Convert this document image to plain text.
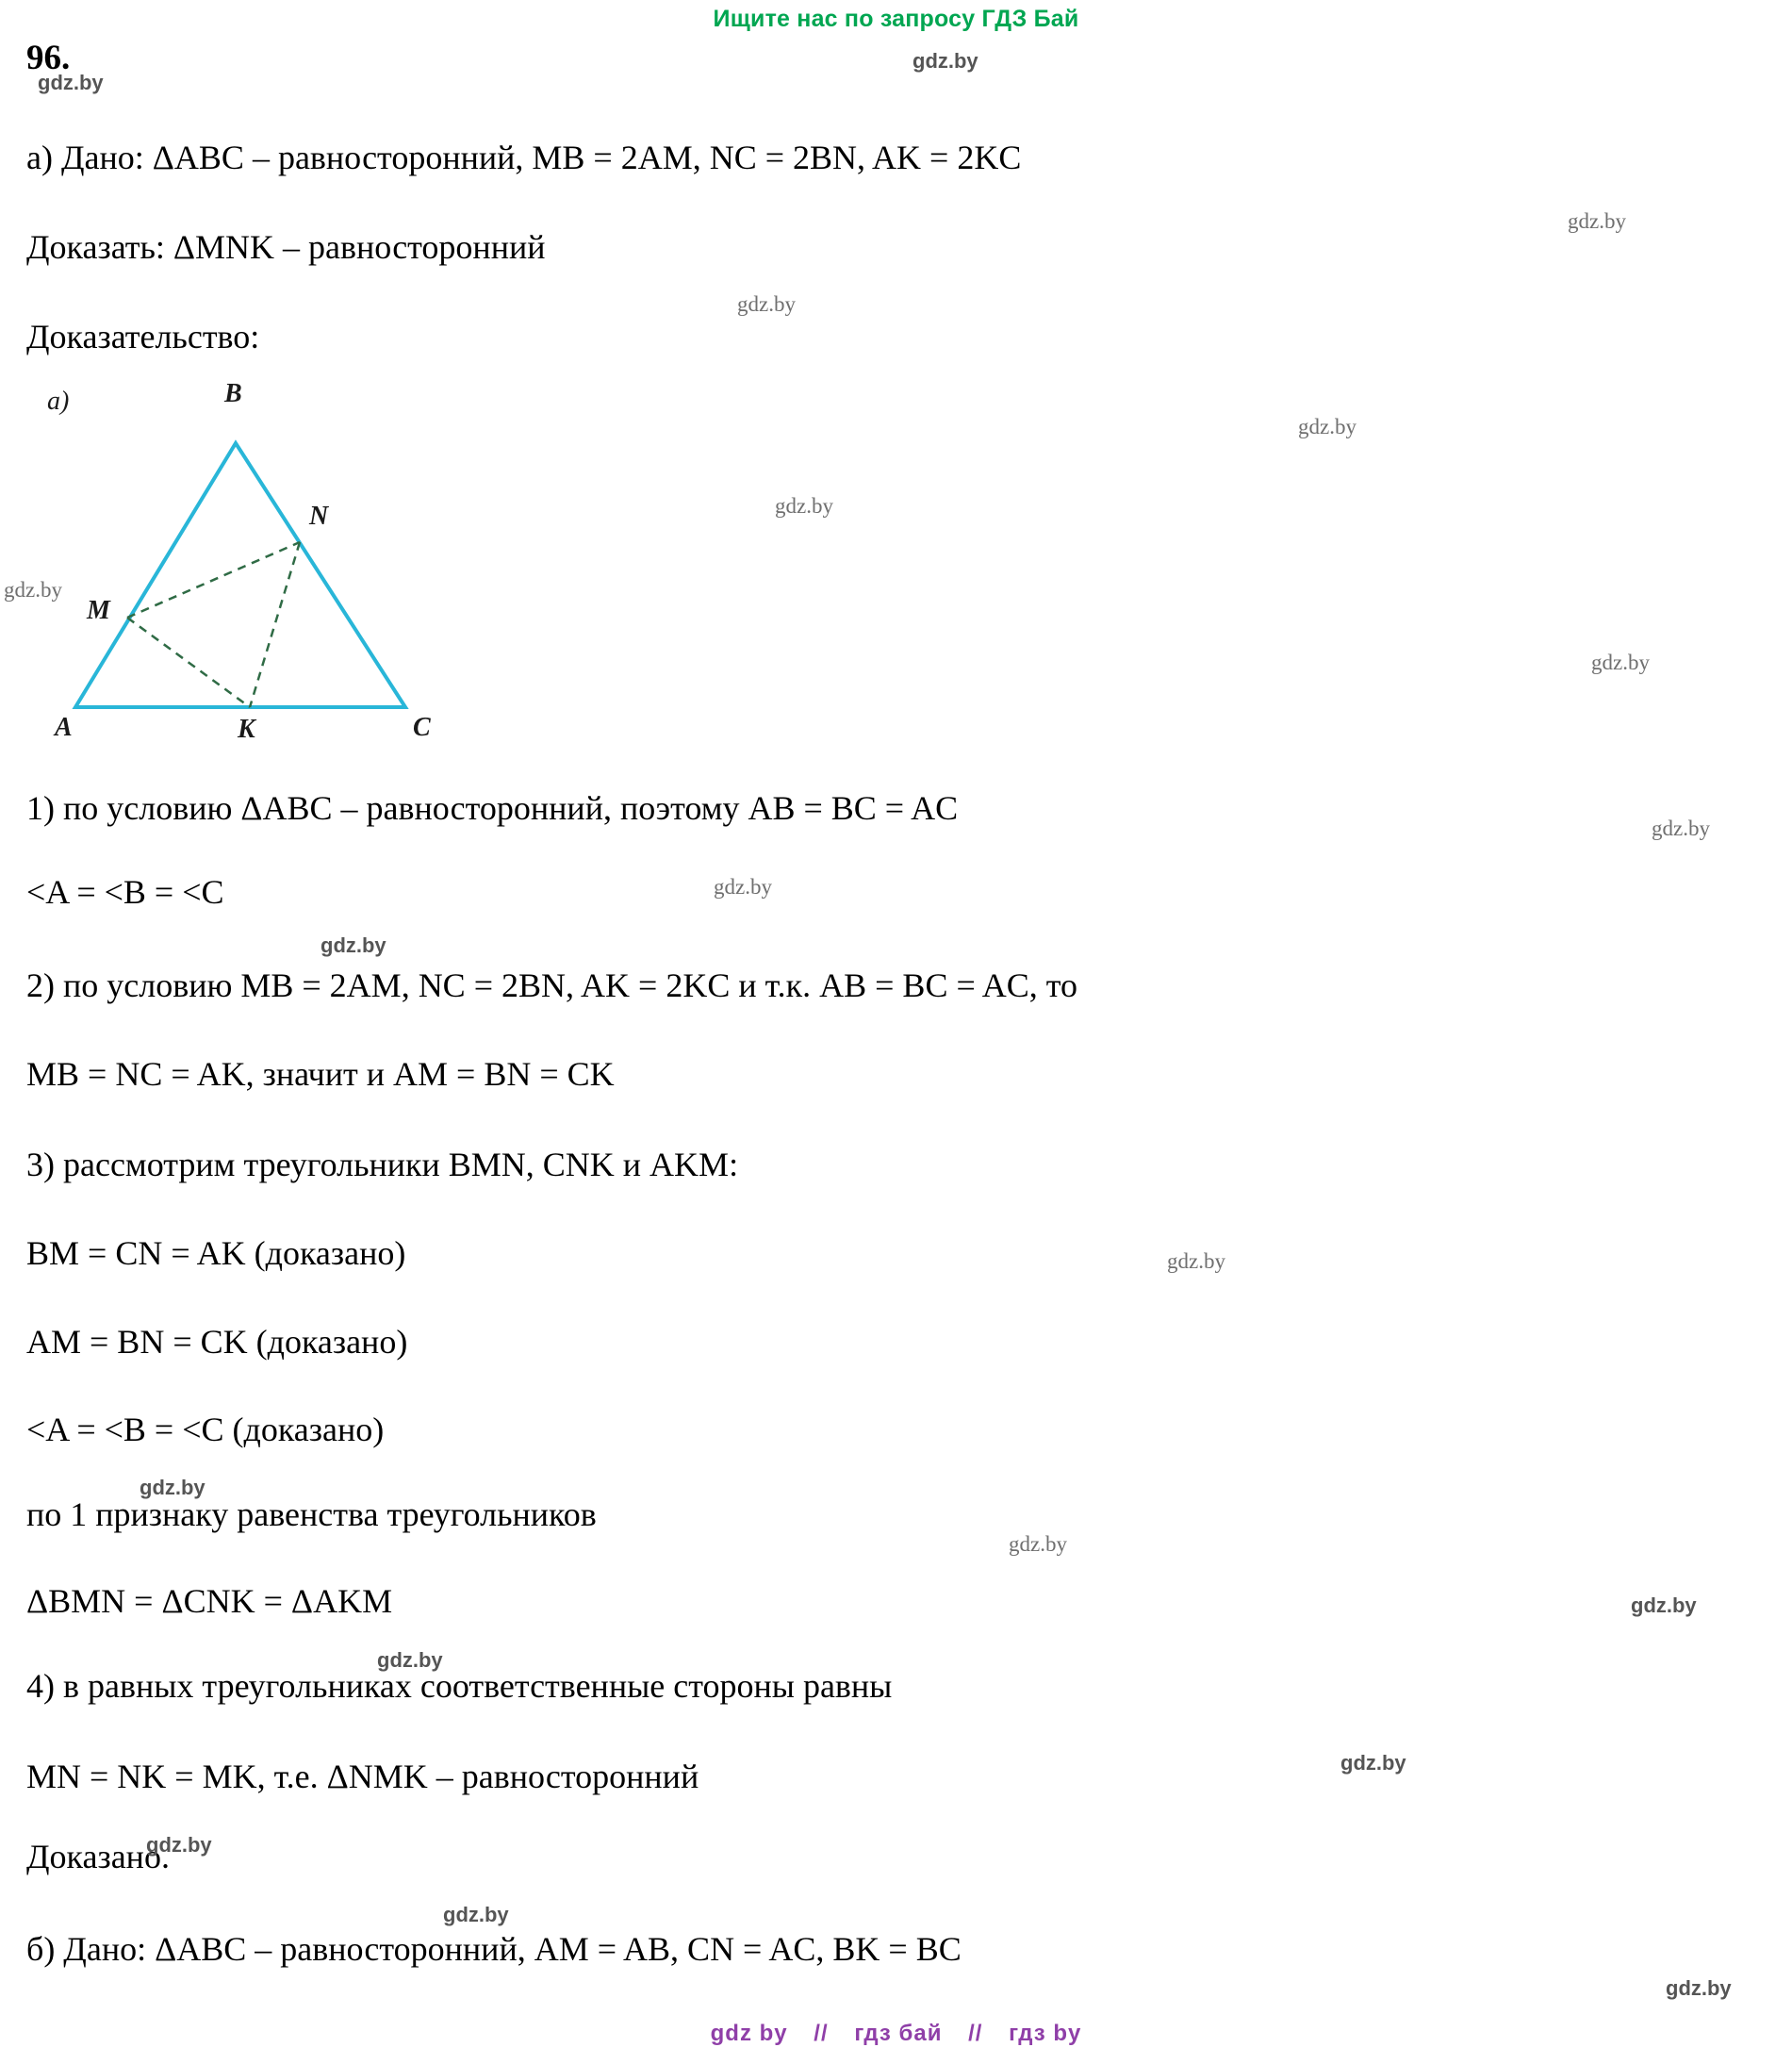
Ищите нас по запросу ГДЗ Бай
96.
а) Дано: ΔABC – равносторонний, MB = 2AM, NC = 2BN, AK = 2KC
Доказать: ΔMNK – равносторонний
Доказательство:
а)	B
N
M
A	K	C
1) по условию ΔABC – равносторонний, поэтому AB = BC = AC
<A = <B = <C
2) по условию MB = 2AM, NC = 2BN, AK = 2KC и т.к. AB = BC = AC, то
MB = NC = AK, значит и AM = BN = CK
3) рассмотрим треугольники BMN, CNK и AKM:
BM = CN = AK (доказано)
AM = BN = CK (доказано)
<A = <B = <C (доказано)
по 1 признаку равенства треугольников
ΔBMN = ΔCNK = ΔAKM
4) в равных треугольниках соответственные стороны равны
MN = NK = MK, т.е. ΔNMK – равносторонний
Доказано.
б) Дано: ΔABC – равносторонний, AM = AB, CN = AC, BK = BC
gdz.by
gdz.by
gdz.by
gdz.by
gdz.by
gdz.by
gdz.by
gdz.by
gdz.by
gdz.by
gdz.by
gdz.by
gdz.by
gdz.by
gdz.by
gdz.by
gdz.by
gdz.by
gdz.by
gdz.by
gdz by // гдз бай // гдз by
